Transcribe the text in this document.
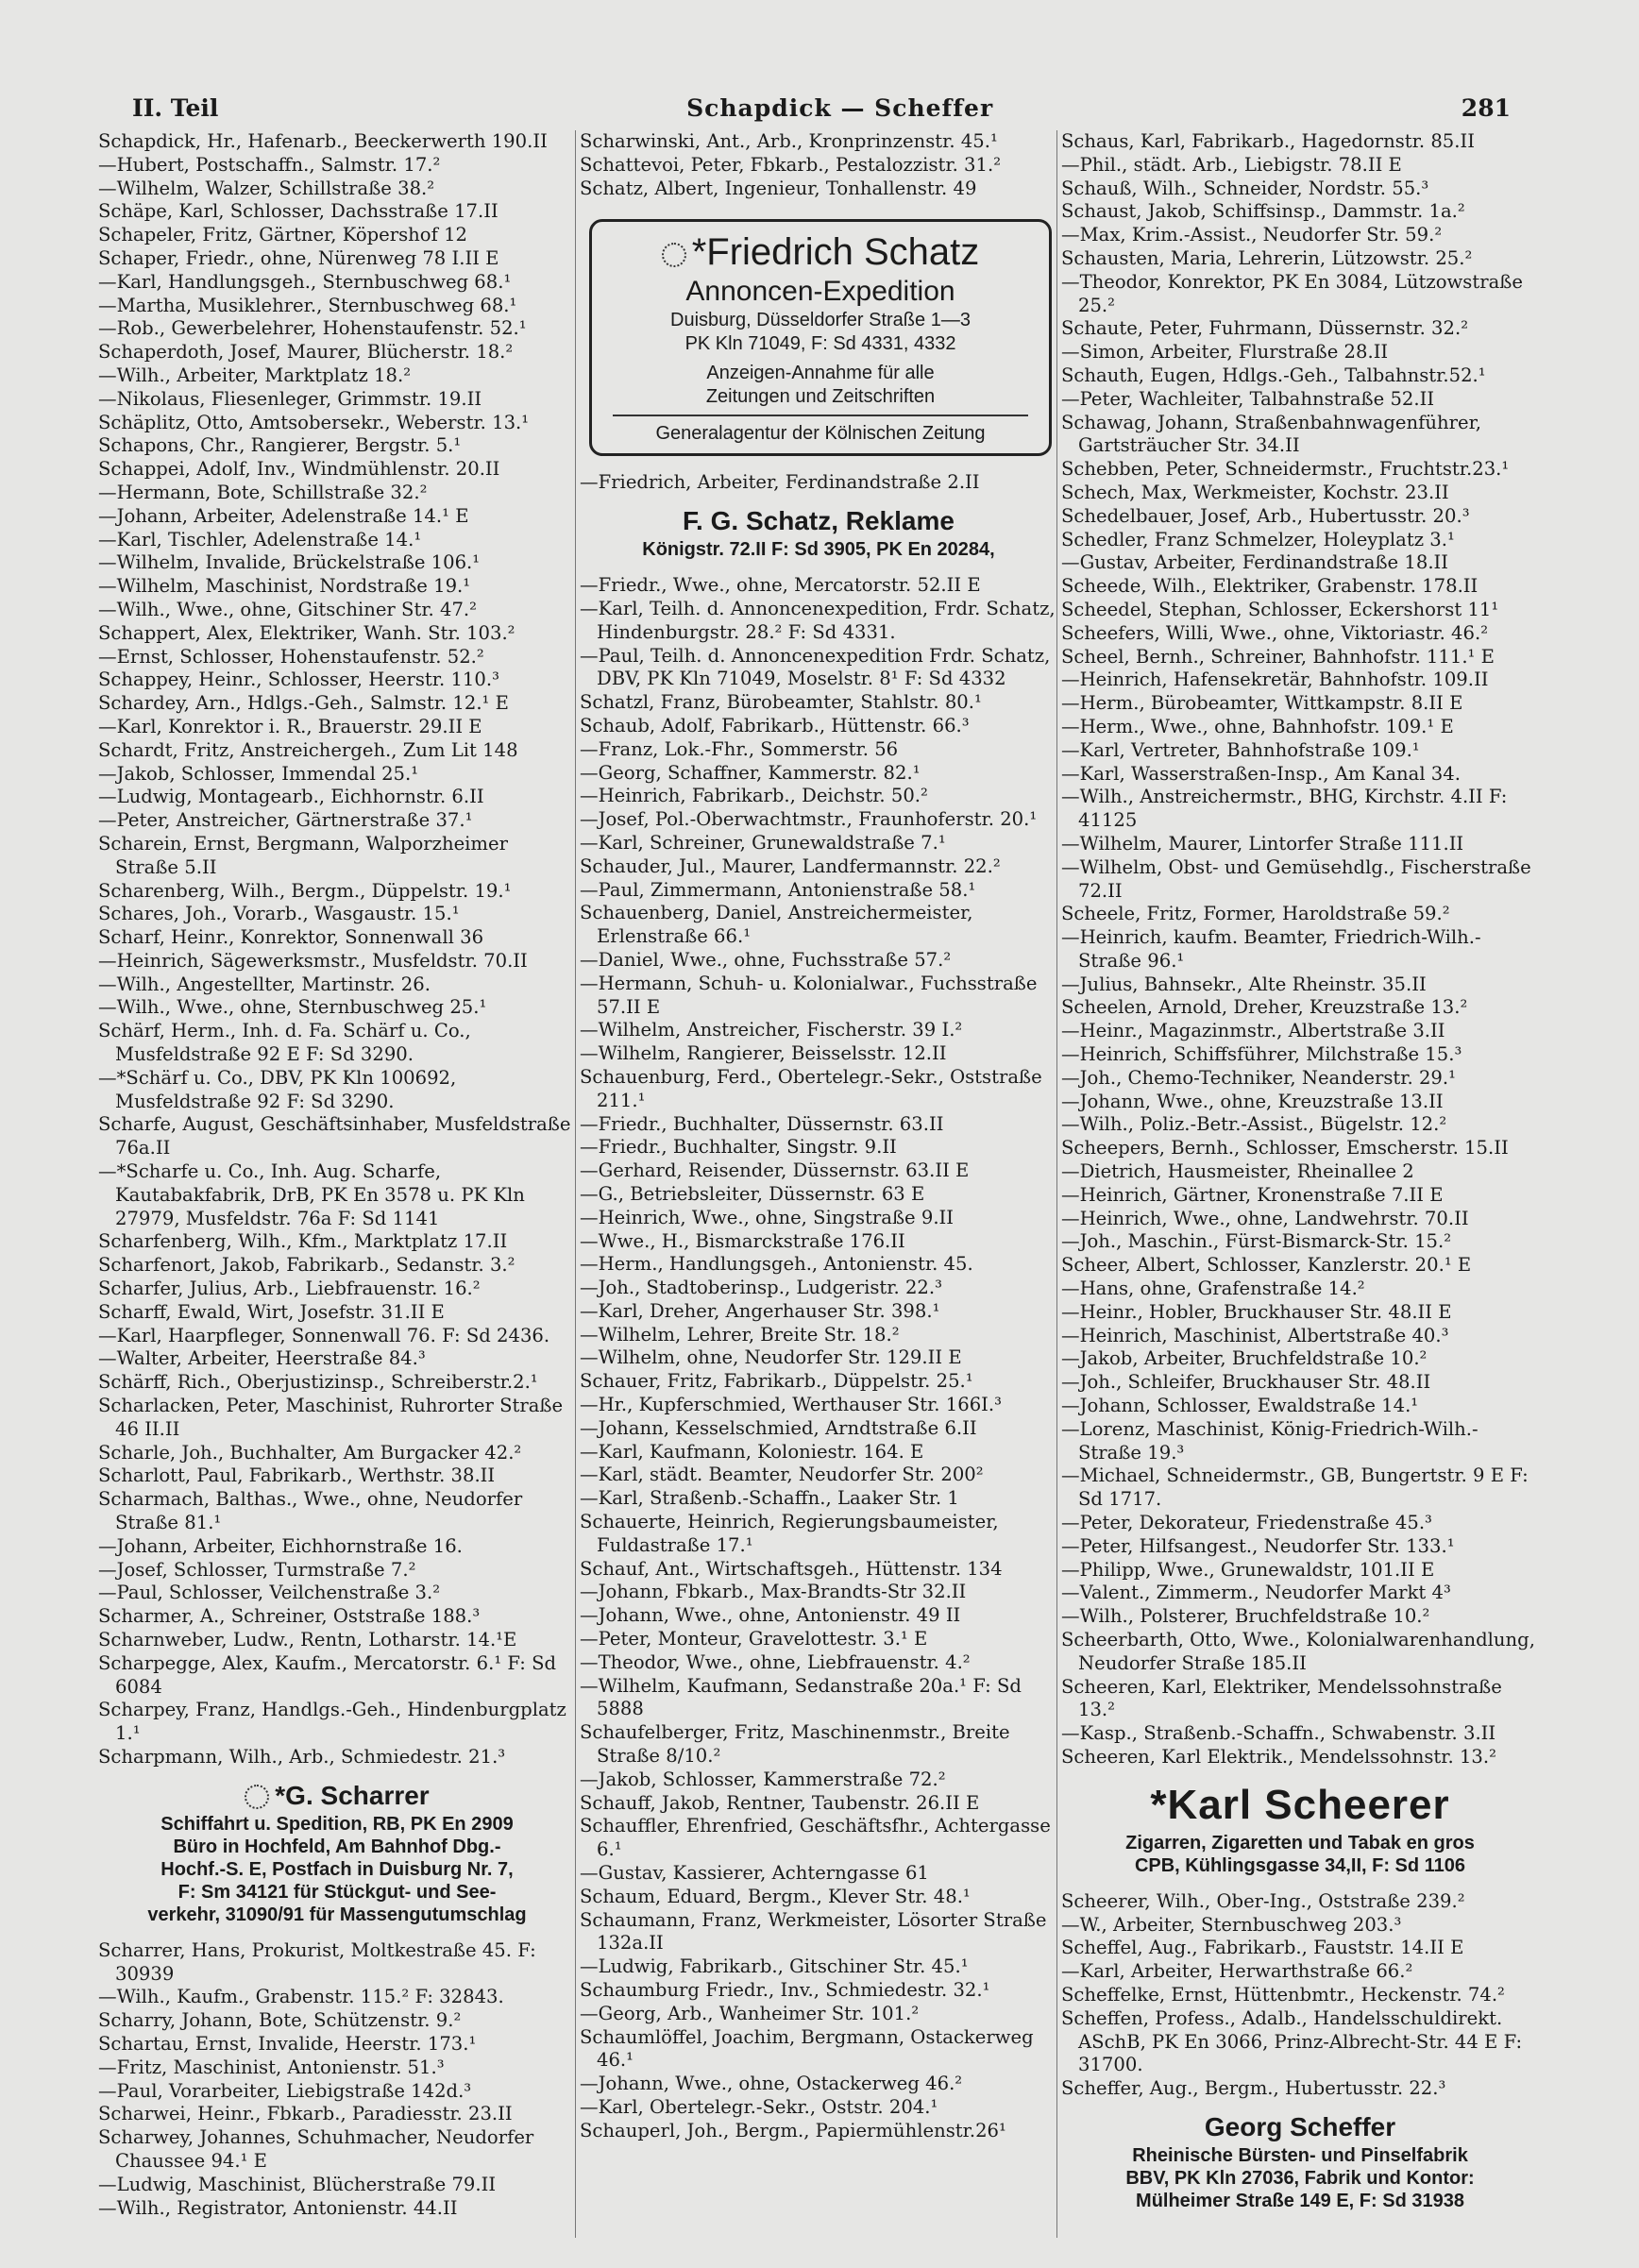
II. Teil	Schapdick — Scheffer	281
Schapdick, Hr., Hafenarb., Beeckerwerth 190.II
—Hubert, Postschaffn., Salmstr. 17.²
—Wilhelm, Walzer, Schillstraße 38.²
Schäpe, Karl, Schlosser, Dachsstraße 17.II
Schapeler, Fritz, Gärtner, Köpershof 12
Schaper, Friedr., ohne, Nürenweg 78 I.II E
—Karl, Handlungsgeh., Sternbuschweg 68.¹
—Martha, Musiklehrer., Sternbuschweg 68.¹
—Rob., Gewerbelehrer, Hohenstaufenstr. 52.¹
Schaperdoth, Josef, Maurer, Blücherstr. 18.²
—Wilh., Arbeiter, Marktplatz 18.²
—Nikolaus, Fliesenleger, Grimmstr. 19.II
Schäplitz, Otto, Amtsobersekr., Weberstr. 13.¹
Schapons, Chr., Rangierer, Bergstr. 5.¹
Schappei, Adolf, Inv., Windmühlenstr. 20.II
—Hermann, Bote, Schillstraße 32.²
—Johann, Arbeiter, Adelenstraße 14.¹ E
—Karl, Tischler, Adelenstraße 14.¹
—Wilhelm, Invalide, Brückelstraße 106.¹
—Wilhelm, Maschinist, Nordstraße 19.¹
—Wilh., Wwe., ohne, Gitschiner Str. 47.²
Schappert, Alex, Elektriker, Wanh. Str. 103.²
—Ernst, Schlosser, Hohenstaufenstr. 52.²
Schappey, Heinr., Schlosser, Heerstr. 110.³
Schardey, Arn., Hdlgs.-Geh., Salmstr. 12.¹ E
—Karl, Konrektor i. R., Brauerstr. 29.II E
Schardt, Fritz, Anstreichergeh., Zum Lit 148
—Jakob, Schlosser, Immendal 25.¹
—Ludwig, Montagearb., Eichhornstr. 6.II
—Peter, Anstreicher, Gärtnerstraße 37.¹
Scharein, Ernst, Bergmann, Walporzheimer Straße 5.II
Scharenberg, Wilh., Bergm., Düppelstr. 19.¹
Schares, Joh., Vorarb., Wasgaustr. 15.¹
Scharf, Heinr., Konrektor, Sonnenwall 36
—Heinrich, Sägewerksmstr., Musfeldstr. 70.II
—Wilh., Angestellter, Martinstr. 26.
—Wilh., Wwe., ohne, Sternbuschweg 25.¹
Schärf, Herm., Inh. d. Fa. Schärf u. Co., Musfeldstraße 92 E F: Sd 3290.
—*Schärf u. Co., DBV, PK Kln 100692, Musfeldstraße 92 F: Sd 3290.
Scharfe, August, Geschäftsinhaber, Musfeldstraße 76a.II
—*Scharfe u. Co., Inh. Aug. Scharfe, Kautabakfabrik, DrB, PK En 3578 u. PK Kln 27979, Musfeldstr. 76a F: Sd 1141
Scharfenberg, Wilh., Kfm., Marktplatz 17.II
Scharfenort, Jakob, Fabrikarb., Sedanstr. 3.²
Scharfer, Julius, Arb., Liebfrauenstr. 16.²
Scharff, Ewald, Wirt, Josefstr. 31.II E
—Karl, Haarpfleger, Sonnenwall 76. F: Sd 2436.
—Walter, Arbeiter, Heerstraße 84.³
Schärff, Rich., Oberjustizinsp., Schreiberstr.2.¹
Scharlacken, Peter, Maschinist, Ruhrorter Straße 46 II.II
Scharle, Joh., Buchhalter, Am Burgacker 42.²
Scharlott, Paul, Fabrikarb., Werthstr. 38.II
Scharmach, Balthas., Wwe., ohne, Neudorfer Straße 81.¹
—Johann, Arbeiter, Eichhornstraße 16.
—Josef, Schlosser, Turmstraße 7.²
—Paul, Schlosser, Veilchenstraße 3.²
Scharmer, A., Schreiner, Oststraße 188.³
Scharnweber, Ludw., Rentn, Lotharstr. 14.¹E
Scharpegge, Alex, Kaufm., Mercatorstr. 6.¹ F: Sd 6084
Scharpey, Franz, Handlgs.-Geh., Hindenburgplatz 1.¹
Scharpmann, Wilh., Arb., Schmiedestr. 21.³
*G. Scharrer
Schiffahrt u. Spedition, RB, PK En 2909
Büro in Hochfeld, Am Bahnhof Dbg.-
Hochf.-S. E, Postfach in Duisburg Nr. 7,
F: Sm 34121 für Stückgut- und See-
verkehr, 31090/91 für Massengutumschlag
Scharrer, Hans, Prokurist, Moltkestraße 45. F: 30939
—Wilh., Kaufm., Grabenstr. 115.² F: 32843.
Scharry, Johann, Bote, Schützenstr. 9.²
Schartau, Ernst, Invalide, Heerstr. 173.¹
—Fritz, Maschinist, Antonienstr. 51.³
—Paul, Vorarbeiter, Liebigstraße 142d.³
Scharwei, Heinr., Fbkarb., Paradiesstr. 23.II
Scharwey, Johannes, Schuhmacher, Neudorfer Chaussee 94.¹ E
—Ludwig, Maschinist, Blücherstraße 79.II
—Wilh., Registrator, Antonienstr. 44.II
Scharwinski, Ant., Arb., Kronprinzenstr. 45.¹
Schattevoi, Peter, Fbkarb., Pestalozzistr. 31.²
Schatz, Albert, Ingenieur, Tonhallenstr. 49
*Friedrich Schatz
Annoncen-Expedition
Duisburg, Düsseldorfer Straße 1—3
PK Kln 71049, F: Sd 4331, 4332
Anzeigen-Annahme für alle
Zeitungen und Zeitschriften
Generalagentur der Kölnischen Zeitung
—Friedrich, Arbeiter, Ferdinandstraße 2.II
F. G. Schatz, Reklame
Königstr. 72.II F: Sd 3905, PK En 20284,
—Friedr., Wwe., ohne, Mercatorstr. 52.II E
—Karl, Teilh. d. Annoncenexpedition, Frdr. Schatz, Hindenburgstr. 28.² F: Sd 4331.
—Paul, Teilh. d. Annoncenexpedition Frdr. Schatz, DBV, PK Kln 71049, Moselstr. 8¹ F: Sd 4332
Schatzl, Franz, Bürobeamter, Stahlstr. 80.¹
Schaub, Adolf, Fabrikarb., Hüttenstr. 66.³
—Franz, Lok.-Fhr., Sommerstr. 56
—Georg, Schaffner, Kammerstr. 82.¹
—Heinrich, Fabrikarb., Deichstr. 50.²
—Josef, Pol.-Oberwachtmstr., Fraunhoferstr. 20.¹
—Karl, Schreiner, Grunewaldstraße 7.¹
Schauder, Jul., Maurer, Landfermannstr. 22.²
—Paul, Zimmermann, Antonienstraße 58.¹
Schauenberg, Daniel, Anstreichermeister, Erlenstraße 66.¹
—Daniel, Wwe., ohne, Fuchsstraße 57.²
—Hermann, Schuh- u. Kolonialwar., Fuchsstraße 57.II E
—Wilhelm, Anstreicher, Fischerstr. 39 I.²
—Wilhelm, Rangierer, Beisselsstr. 12.II
Schauenburg, Ferd., Obertelegr.-Sekr., Oststraße 211.¹
—Friedr., Buchhalter, Düssernstr. 63.II
—Friedr., Buchhalter, Singstr. 9.II
—Gerhard, Reisender, Düssernstr. 63.II E
—G., Betriebsleiter, Düssernstr. 63 E
—Heinrich, Wwe., ohne, Singstraße 9.II
—Wwe., H., Bismarckstraße 176.II
—Herm., Handlungsgeh., Antonienstr. 45.
—Joh., Stadtoberinsp., Ludgeristr. 22.³
—Karl, Dreher, Angerhauser Str. 398.¹
—Wilhelm, Lehrer, Breite Str. 18.²
—Wilhelm, ohne, Neudorfer Str. 129.II E
Schauer, Fritz, Fabrikarb., Düppelstr. 25.¹
—Hr., Kupferschmied, Werthauser Str. 166I.³
—Johann, Kesselschmied, Arndtstraße 6.II
—Karl, Kaufmann, Koloniestr. 164. E
—Karl, städt. Beamter, Neudorfer Str. 200²
—Karl, Straßenb.-Schaffn., Laaker Str. 1
Schauerte, Heinrich, Regierungsbaumeister, Fuldastraße 17.¹
Schauf, Ant., Wirtschaftsgeh., Hüttenstr. 134
—Johann, Fbkarb., Max-Brandts-Str 32.II
—Johann, Wwe., ohne, Antonienstr. 49 II
—Peter, Monteur, Gravelottestr. 3.¹ E
—Theodor, Wwe., ohne, Liebfrauenstr. 4.²
—Wilhelm, Kaufmann, Sedanstraße 20a.¹ F: Sd 5888
Schaufelberger, Fritz, Maschinenmstr., Breite Straße 8/10.²
—Jakob, Schlosser, Kammerstraße 72.²
Schauff, Jakob, Rentner, Taubenstr. 26.II E
Schauffler, Ehrenfried, Geschäftsfhr., Achtergasse 6.¹
—Gustav, Kassierer, Achterngasse 61
Schaum, Eduard, Bergm., Klever Str. 48.¹
Schaumann, Franz, Werkmeister, Lösorter Straße 132a.II
—Ludwig, Fabrikarb., Gitschiner Str. 45.¹
Schaumburg Friedr., Inv., Schmiedestr. 32.¹
—Georg, Arb., Wanheimer Str. 101.²
Schaumlöffel, Joachim, Bergmann, Ostackerweg 46.¹
—Johann, Wwe., ohne, Ostackerweg 46.²
—Karl, Obertelegr.-Sekr., Oststr. 204.¹
Schauperl, Joh., Bergm., Papiermühlenstr.26¹
Schaus, Karl, Fabrikarb., Hagedornstr. 85.II
—Phil., städt. Arb., Liebigstr. 78.II E
Schauß, Wilh., Schneider, Nordstr. 55.³
Schaust, Jakob, Schiffsinsp., Dammstr. 1a.²
—Max, Krim.-Assist., Neudorfer Str. 59.²
Schausten, Maria, Lehrerin, Lützowstr. 25.²
—Theodor, Konrektor, PK En 3084, Lützowstraße 25.²
Schaute, Peter, Fuhrmann, Düssernstr. 32.²
—Simon, Arbeiter, Flurstraße 28.II
Schauth, Eugen, Hdlgs.-Geh., Talbahnstr.52.¹
—Peter, Wachleiter, Talbahnstraße 52.II
Schawag, Johann, Straßenbahnwagenführer, Gartsträucher Str. 34.II
Schebben, Peter, Schneidermstr., Fruchtstr.23.¹
Schech, Max, Werkmeister, Kochstr. 23.II
Schedelbauer, Josef, Arb., Hubertusstr. 20.³
Schedler, Franz Schmelzer, Holeyplatz 3.¹
—Gustav, Arbeiter, Ferdinandstraße 18.II
Scheede, Wilh., Elektriker, Grabenstr. 178.II
Scheedel, Stephan, Schlosser, Eckershorst 11¹
Scheefers, Willi, Wwe., ohne, Viktoriastr. 46.²
Scheel, Bernh., Schreiner, Bahnhofstr. 111.¹ E
—Heinrich, Hafensekretär, Bahnhofstr. 109.II
—Herm., Bürobeamter, Wittkampstr. 8.II E
—Herm., Wwe., ohne, Bahnhofstr. 109.¹ E
—Karl, Vertreter, Bahnhofstraße 109.¹
—Karl, Wasserstraßen-Insp., Am Kanal 34.
—Wilh., Anstreichermstr., BHG, Kirchstr. 4.II F: 41125
—Wilhelm, Maurer, Lintorfer Straße 111.II
—Wilhelm, Obst- und Gemüsehdlg., Fischerstraße 72.II
Scheele, Fritz, Former, Haroldstraße 59.²
—Heinrich, kaufm. Beamter, Friedrich-Wilh.-Straße 96.¹
—Julius, Bahnsekr., Alte Rheinstr. 35.II
Scheelen, Arnold, Dreher, Kreuzstraße 13.²
—Heinr., Magazinmstr., Albertstraße 3.II
—Heinrich, Schiffsführer, Milchstraße 15.³
—Joh., Chemo-Techniker, Neanderstr. 29.¹
—Johann, Wwe., ohne, Kreuzstraße 13.II
—Wilh., Poliz.-Betr.-Assist., Bügelstr. 12.²
Scheepers, Bernh., Schlosser, Emscherstr. 15.II
—Dietrich, Hausmeister, Rheinallee 2
—Heinrich, Gärtner, Kronenstraße 7.II E
—Heinrich, Wwe., ohne, Landwehrstr. 70.II
—Joh., Maschin., Fürst-Bismarck-Str. 15.²
Scheer, Albert, Schlosser, Kanzlerstr. 20.¹ E
—Hans, ohne, Grafenstraße 14.²
—Heinr., Hobler, Bruckhauser Str. 48.II E
—Heinrich, Maschinist, Albertstraße 40.³
—Jakob, Arbeiter, Bruchfeldstraße 10.²
—Joh., Schleifer, Bruckhauser Str. 48.II
—Johann, Schlosser, Ewaldstraße 14.¹
—Lorenz, Maschinist, König-Friedrich-Wilh.-Straße 19.³
—Michael, Schneidermstr., GB, Bungertstr. 9 E F: Sd 1717.
—Peter, Dekorateur, Friedenstraße 45.³
—Peter, Hilfsangest., Neudorfer Str. 133.¹
—Philipp, Wwe., Grunewaldstr, 101.II E
—Valent., Zimmerm., Neudorfer Markt 4³
—Wilh., Polsterer, Bruchfeldstraße 10.²
Scheerbarth, Otto, Wwe., Kolonialwarenhandlung, Neudorfer Straße 185.II
Scheeren, Karl, Elektriker, Mendelssohnstraße 13.²
—Kasp., Straßenb.-Schaffn., Schwabenstr. 3.II
Scheeren, Karl Elektrik., Mendelssohnstr. 13.²
*Karl Scheerer
Zigarren, Zigaretten und Tabak en gros
CPB, Kühlingsgasse 34,II, F: Sd 1106
Scheerer, Wilh., Ober-Ing., Oststraße 239.²
—W., Arbeiter, Sternbuschweg 203.³
Scheffel, Aug., Fabrikarb., Fauststr. 14.II E
—Karl, Arbeiter, Herwarthstraße 66.²
Scheffelke, Ernst, Hüttenbmtr., Heckenstr. 74.²
Scheffen, Profess., Adalb., Handelsschuldirekt. ASchB, PK En 3066, Prinz-Albrecht-Str. 44 E F: 31700.
Scheffer, Aug., Bergm., Hubertusstr. 22.³
Georg Scheffer
Rheinische Bürsten- und Pinselfabrik
BBV, PK Kln 27036, Fabrik und Kontor:
Mülheimer Straße 149 E, F: Sd 31938
